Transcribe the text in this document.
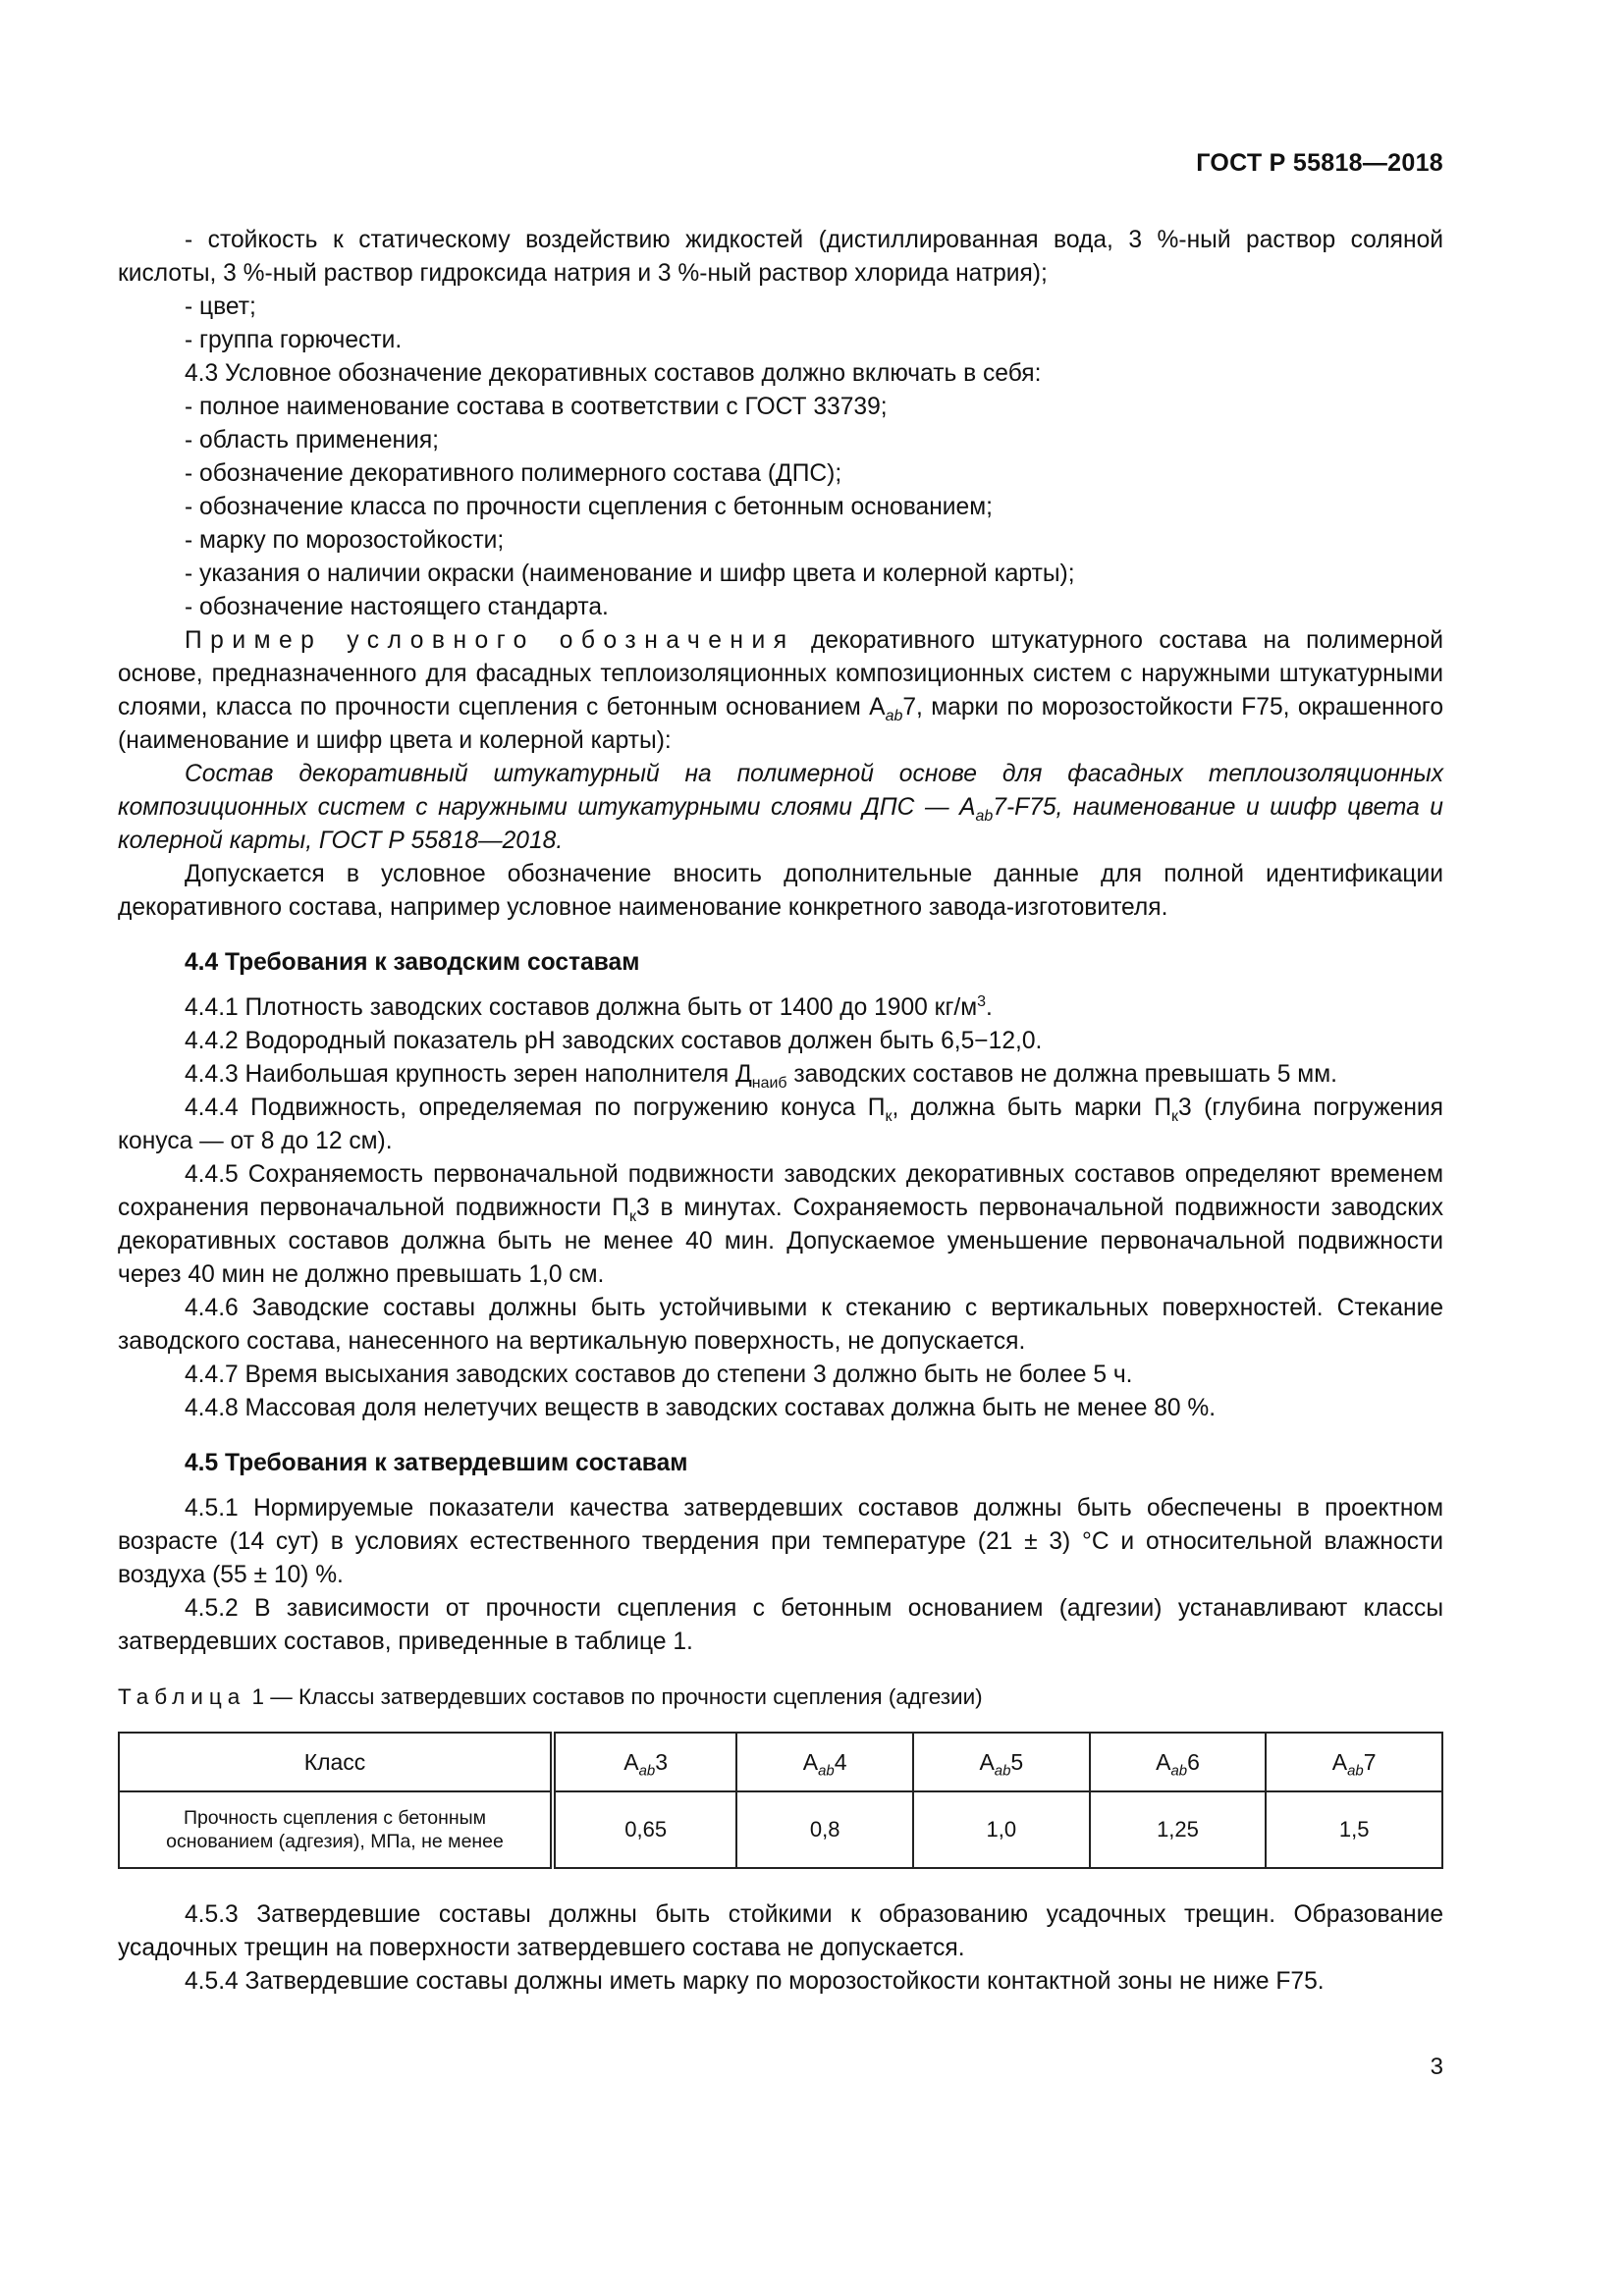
ГОСТ Р 55818—2018

- стойкость к статическому воздействию жидкостей (дистиллированная вода, 3 %-ный раствор соляной кислоты, 3 %-ный раствор гидроксида натрия и 3 %-ный раствор хлорида натрия);

- цвет;

- группа горючести.

4.3 Условное обозначение декоративных составов должно включать в себя:

- полное наименование состава в соответствии с ГОСТ 33739;

- область применения;

- обозначение декоративного полимерного состава (ДПС);

- обозначение класса по прочности сцепления с бетонным основанием;

- марку по морозостойкости;

- указания о наличии окраски (наименование и шифр цвета и колерной карты);

- обозначение настоящего стандарта.

Пример условного обозначения декоративного штукатурного состава на полимерной основе, предназначенного для фасадных теплоизоляционных композиционных систем с наружными штукатурными слоями, класса по прочности сцепления с бетонным основанием $A_{ab}7$, марки по морозостойкости F75, окрашенного (наименование и шифр цвета и колерной карты):

Состав декоративный штукатурный на полимерной основе для фасадных теплоизоляционных композиционных систем с наружными штукатурными слоями ДПС — $A_{ab}7-F75$, наименование и шифр цвета и колерной карты, ГОСТ Р 55818—2018.

Допускается в условное обозначение вносить дополнительные данные для полной идентификации декоративного состава, например условное наименование конкретного завода-изготовителя.

4.4 Требования к заводским составам

4.4.1 Плотность заводских составов должна быть от 1400 до 1900 $кг/м^3$.

4.4.2 Водородный показатель pH заводских составов должен быть 6,5−12,0.

4.4.3 Наибольшая крупность зерен наполнителя $Д_{наиб}$ заводских составов не должна превышать 5 мм.

4.4.4 Подвижность, определяемая по погружению конуса $П_к$, должна быть марки $П_к3$ (глубина погружения конуса — от 8 до 12 см).

4.4.5 Сохраняемость первоначальной подвижности заводских декоративных составов определяют временем сохранения первоначальной подвижности $П_к3$ в минутах. Сохраняемость первоначальной подвижности заводских декоративных составов должна быть не менее 40 мин. Допускаемое уменьшение первоначальной подвижности через 40 мин не должно превышать 1,0 см.

4.4.6 Заводские составы должны быть устойчивыми к стеканию с вертикальных поверхностей. Стекание заводского состава, нанесенного на вертикальную поверхность, не допускается.

4.4.7 Время высыхания заводских составов до степени 3 должно быть не более 5 ч.

4.4.8 Массовая доля нелетучих веществ в заводских составах должна быть не менее 80 %.

4.5 Требования к затвердевшим составам

4.5.1 Нормируемые показатели качества затвердевших составов должны быть обеспечены в проектном возрасте (14 сут) в условиях естественного твердения при температуре (21 ± 3) °С и относительной влажности воздуха (55 ± 10) %.

4.5.2 В зависимости от прочности сцепления с бетонным основанием (адгезии) устанавливают классы затвердевших составов, приведенные в таблице 1.

Таблица 1 — Классы затвердевших составов по прочности сцепления (адгезии)

Класс	$A_{ab}3$	$A_{ab}4$	$A_{ab}5$	$A_{ab}6$	$A_{ab}7$
Прочность сцепления с бетонным
основанием (адгезия), МПа, не менее	0,65	0,8	1,0	1,25	1,5

4.5.3 Затвердевшие составы должны быть стойкими к образованию усадочных трещин. Образование усадочных трещин на поверхности затвердевшего состава не допускается.

4.5.4 Затвердевшие составы должны иметь марку по морозостойкости контактной зоны не ниже F75.

3
